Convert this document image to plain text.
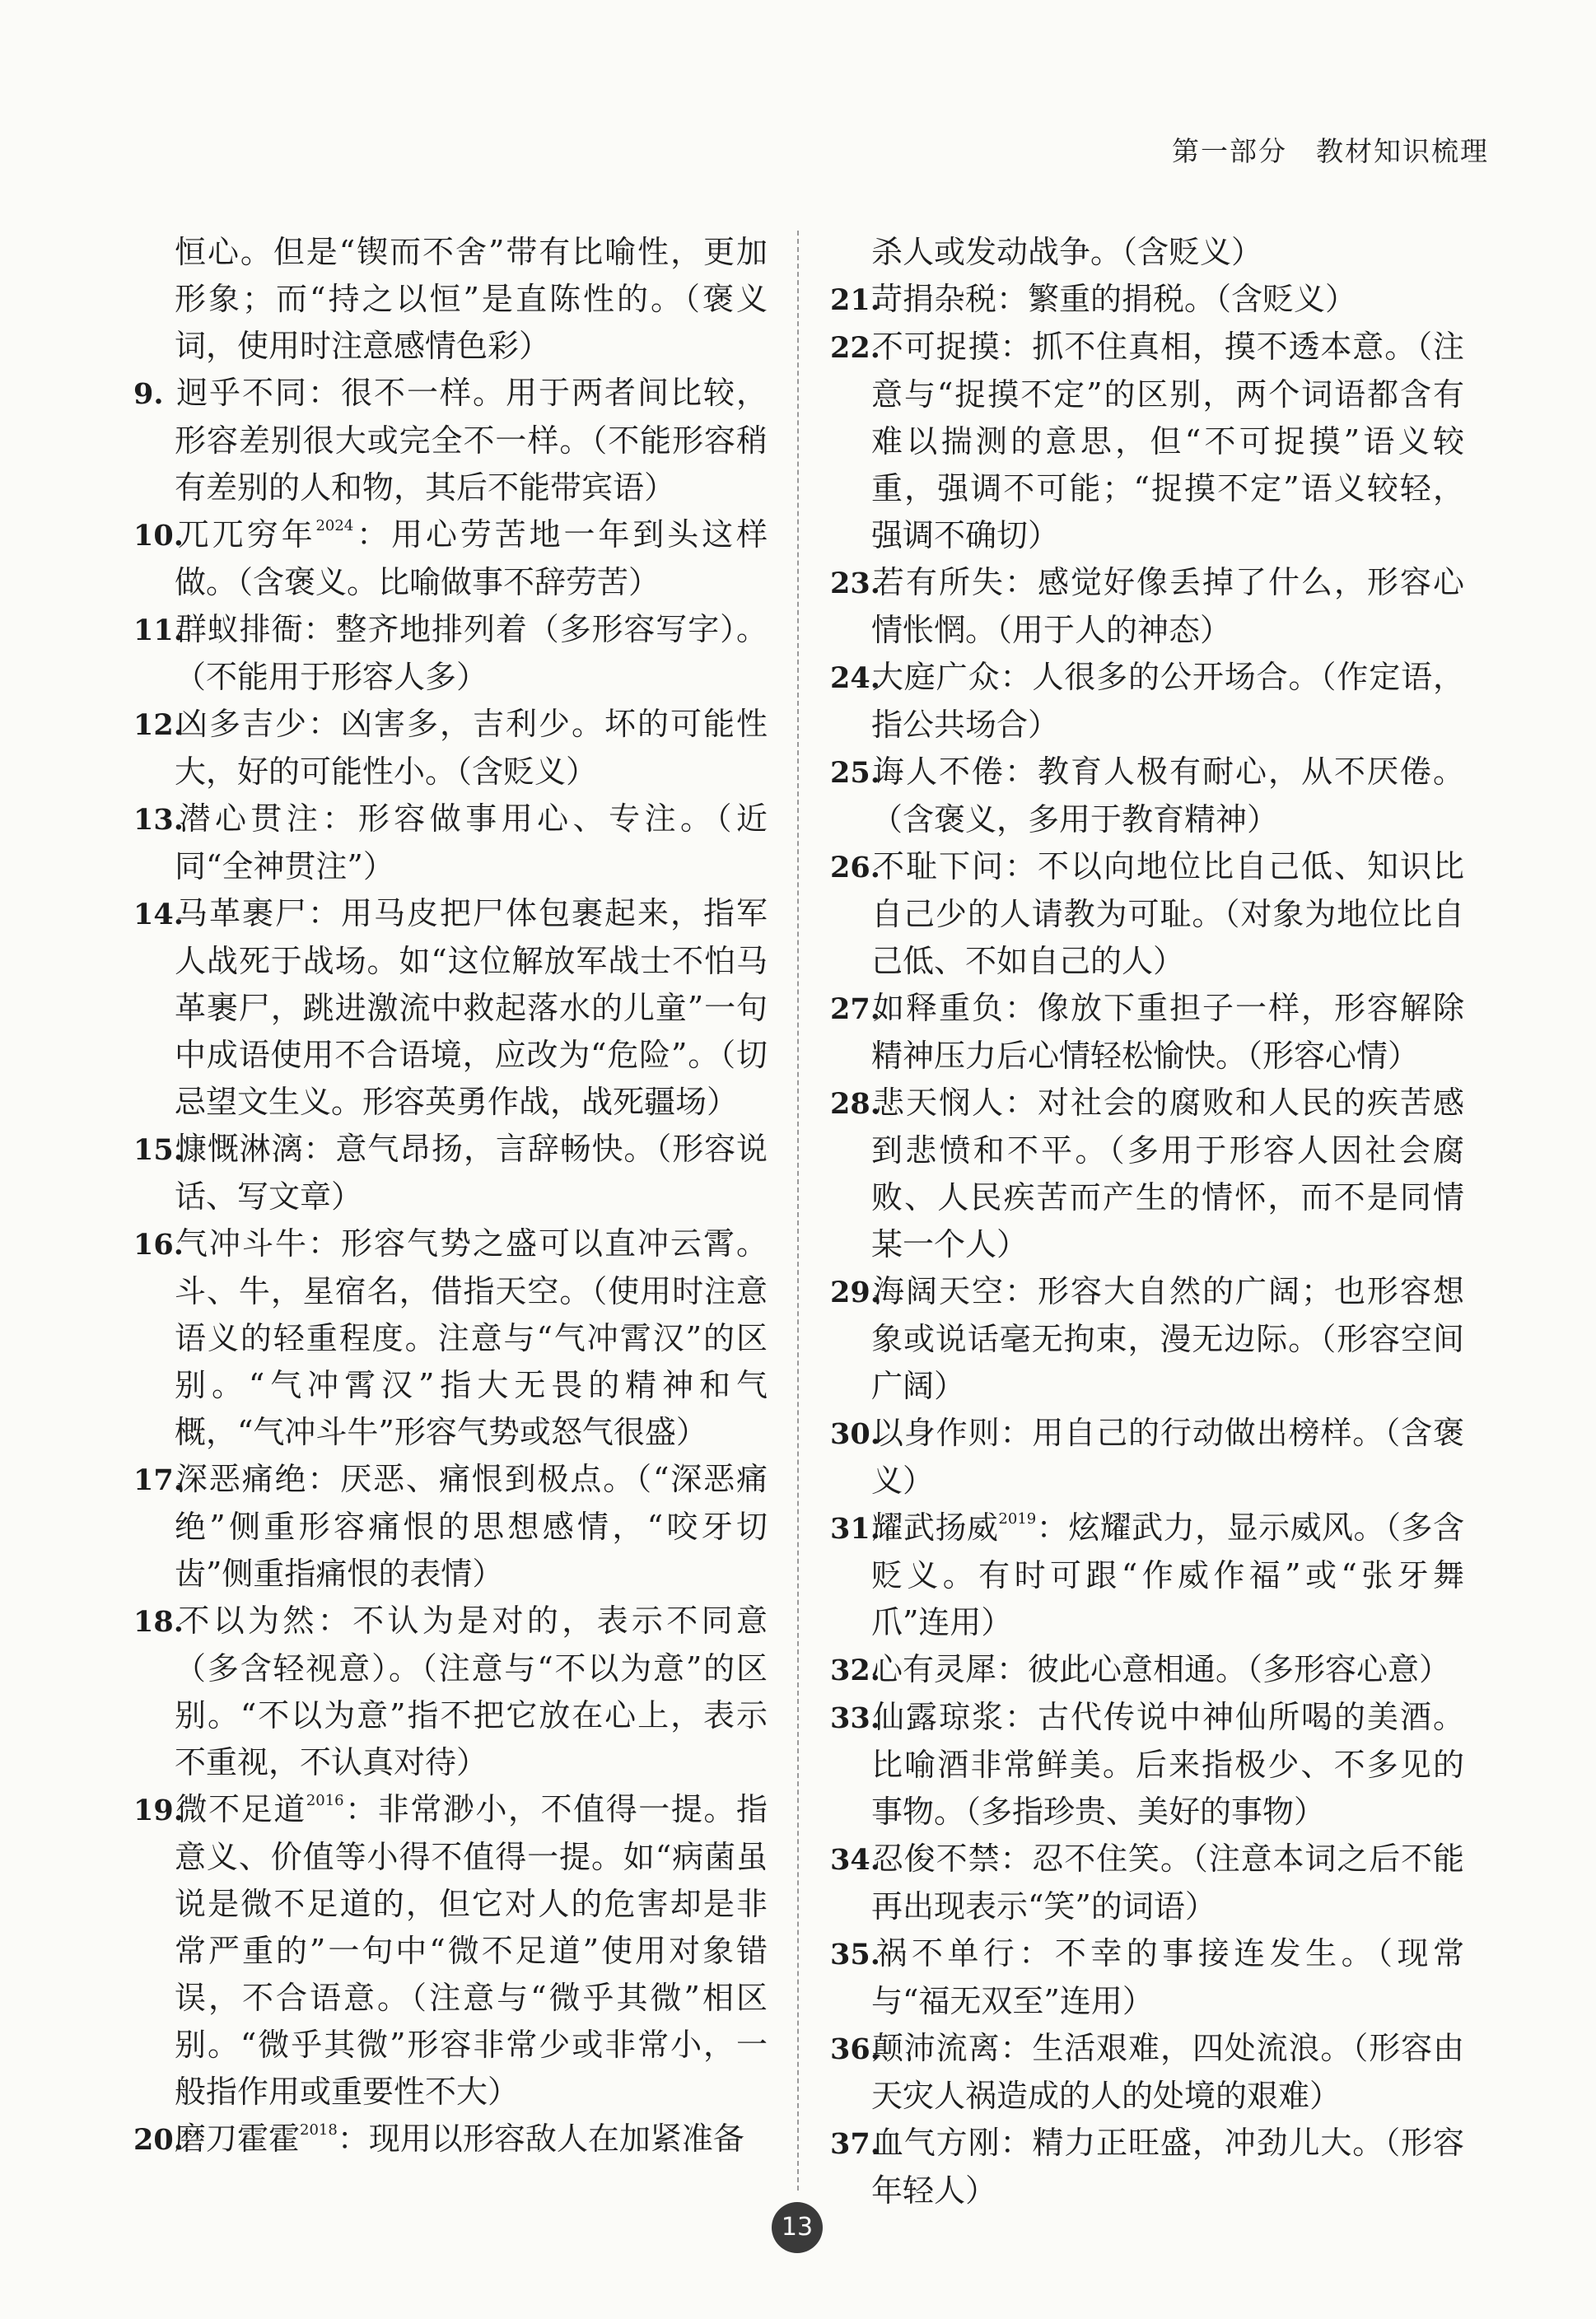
第一部分　教材知识梳理

恒心。但是“锲而不舍”带有比喻性，更加形象；而“持之以恒”是直陈性的。（褒义词，使用时注意感情色彩）

9. 迥乎不同：很不一样。用于两者间比较，形容差别很大或完全不一样。（不能形容稍有差别的人和物，其后不能带宾语）

10.兀兀穷年$^{2024}$：用心劳苦地一年到头这样做。（含褒义。比喻做事不辞劳苦）

11.群蚁排衙：整齐地排列着（多形容写字）。（不能用于形容人多）

12.凶多吉少：凶害多，吉利少。坏的可能性大，好的可能性小。（含贬义）

13.潜心贯注：形容做事用心、专注。（近同“全神贯注”）

14.马革裹尸：用马皮把尸体包裹起来，指军人战死于战场。如“这位解放军战士不怕马革裹尸，跳进激流中救起落水的儿童”一句中成语使用不合语境，应改为“危险”。（切忌望文生义。形容英勇作战，战死疆场）

15.慷慨淋漓：意气昂扬，言辞畅快。（形容说话、写文章）

16.气冲斗牛：形容气势之盛可以直冲云霄。斗、牛，星宿名，借指天空。（使用时注意语义的轻重程度。注意与“气冲霄汉”的区别。“气冲霄汉”指大无畏的精神和气概，“气冲斗牛”形容气势或怒气很盛）

17.深恶痛绝：厌恶、痛恨到极点。（“深恶痛绝”侧重形容痛恨的思想感情，“咬牙切齿”侧重指痛恨的表情）

18.不以为然：不认为是对的，表示不同意（多含轻视意）。（注意与“不以为意”的区别。“不以为意”指不把它放在心上，表示不重视，不认真对待）

19.微不足道$^{2016}$：非常渺小，不值得一提。指意义、价值等小得不值得一提。如“病菌虽说是微不足道的，但它对人的危害却是非常严重的”一句中“微不足道”使用对象错误，不合语意。（注意与“微乎其微”相区别。“微乎其微”形容非常少或非常小，一般指作用或重要性不大）

20.磨刀霍霍$^{2018}$：现用以形容敌人在加紧准备

杀人或发动战争。（含贬义）

21.苛捐杂税：繁重的捐税。（含贬义）

22.不可捉摸：抓不住真相，摸不透本意。（注意与“捉摸不定”的区别，两个词语都含有难以揣测的意思，但“不可捉摸”语义较重，强调不可能；“捉摸不定”语义较轻，强调不确切）

23.若有所失：感觉好像丢掉了什么，形容心情怅惘。（用于人的神态）

24.大庭广众：人很多的公开场合。（作定语，指公共场合）

25.诲人不倦：教育人极有耐心，从不厌倦。（含褒义，多用于教育精神）

26.不耻下问：不以向地位比自己低、知识比自己少的人请教为可耻。（对象为地位比自己低、不如自己的人）

27.如释重负：像放下重担子一样，形容解除精神压力后心情轻松愉快。（形容心情）

28.悲天悯人：对社会的腐败和人民的疾苦感到悲愤和不平。（多用于形容人因社会腐败、人民疾苦而产生的情怀，而不是同情某一个人）

29.海阔天空：形容大自然的广阔；也形容想象或说话毫无拘束，漫无边际。（形容空间广阔）

30.以身作则：用自己的行动做出榜样。（含褒义）

31.耀武扬威$^{2019}$：炫耀武力，显示威风。（多含贬义。有时可跟“作威作福”或“张牙舞爪”连用）

32.心有灵犀：彼此心意相通。（多形容心意）

33.仙露琼浆：古代传说中神仙所喝的美酒。比喻酒非常鲜美。后来指极少、不多见的事物。（多指珍贵、美好的事物）

34.忍俊不禁：忍不住笑。（注意本词之后不能再出现表示“笑”的词语）

35.祸不单行：不幸的事接连发生。（现常与“福无双至”连用）

36.颠沛流离：生活艰难，四处流浪。（形容由天灾人祸造成的人的处境的艰难）

37.血气方刚：精力正旺盛，冲劲儿大。（形容年轻人）

13
